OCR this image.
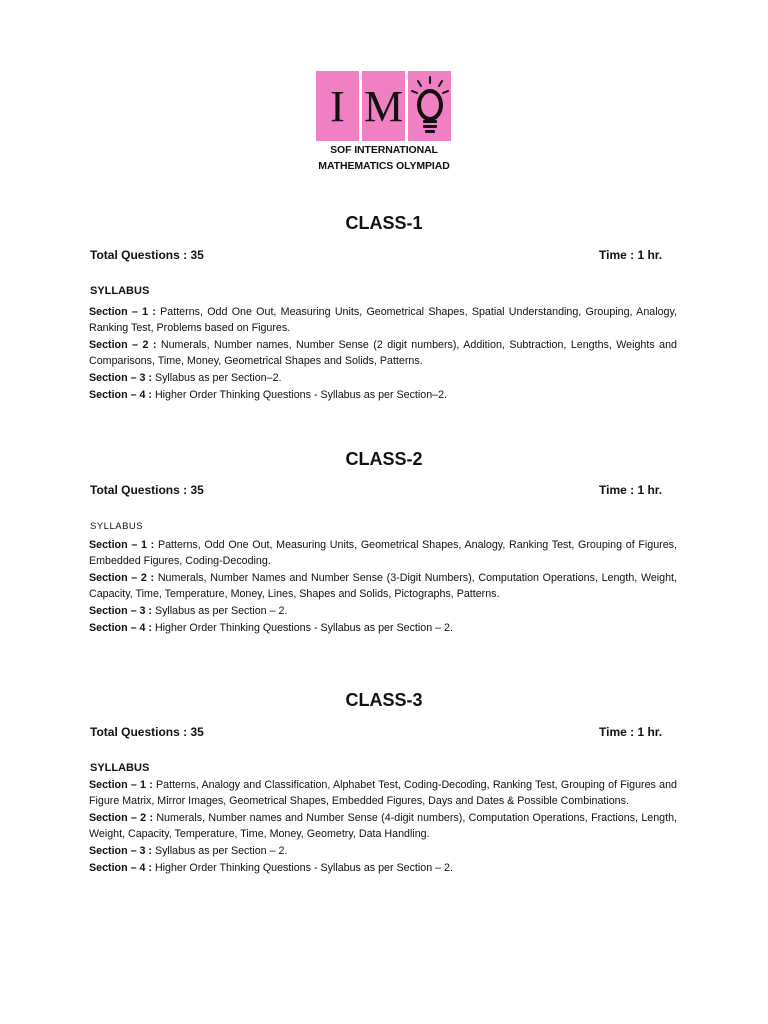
I M
SOF INTERNATIONAL
MATHEMATICS OLYMPIAD
CLASS-1
Total Questions : 35	Time : 1 hr.
SYLLABUS

Section – 1 : Patterns, Odd One Out, Measuring Units, Geometrical Shapes, Spatial Understanding, Grouping, Analogy, Ranking Test, Problems based on Figures.

Section – 2 : Numerals, Number names, Number Sense (2 digit numbers), Addition, Subtraction, Lengths, Weights and Comparisons, Time, Money, Geometrical Shapes and Solids, Patterns.

Section – 3 : Syllabus as per Section–2.

Section – 4 : Higher Order Thinking Questions - Syllabus as per Section–2.

CLASS-2
Total Questions : 35	Time : 1 hr.
SYLLABUS

Section – 1 : Patterns, Odd One Out, Measuring Units, Geometrical Shapes, Analogy, Ranking Test, Grouping of Figures, Embedded Figures, Coding-Decoding.

Section – 2 : Numerals, Number Names and Number Sense (3-Digit Numbers), Computation Operations, Length, Weight, Capacity, Time, Temperature, Money, Lines, Shapes and Solids, Pictographs, Patterns.

Section – 3 : Syllabus as per Section – 2.

Section – 4 : Higher Order Thinking Questions - Syllabus as per Section – 2.

CLASS-3
Total Questions : 35	Time : 1 hr.
SYLLABUS

Section – 1 : Patterns, Analogy and Classification, Alphabet Test, Coding-Decoding, Ranking Test, Grouping of Figures and Figure Matrix, Mirror Images, Geometrical Shapes, Embedded Figures, Days and Dates & Possible Combinations.

Section – 2 : Numerals, Number names and Number Sense (4-digit numbers), Computation Operations, Fractions, Length, Weight, Capacity, Temperature, Time, Money, Geometry, Data Handling.

Section – 3 : Syllabus as per Section – 2.

Section – 4 : Higher Order Thinking Questions - Syllabus as per Section – 2.
